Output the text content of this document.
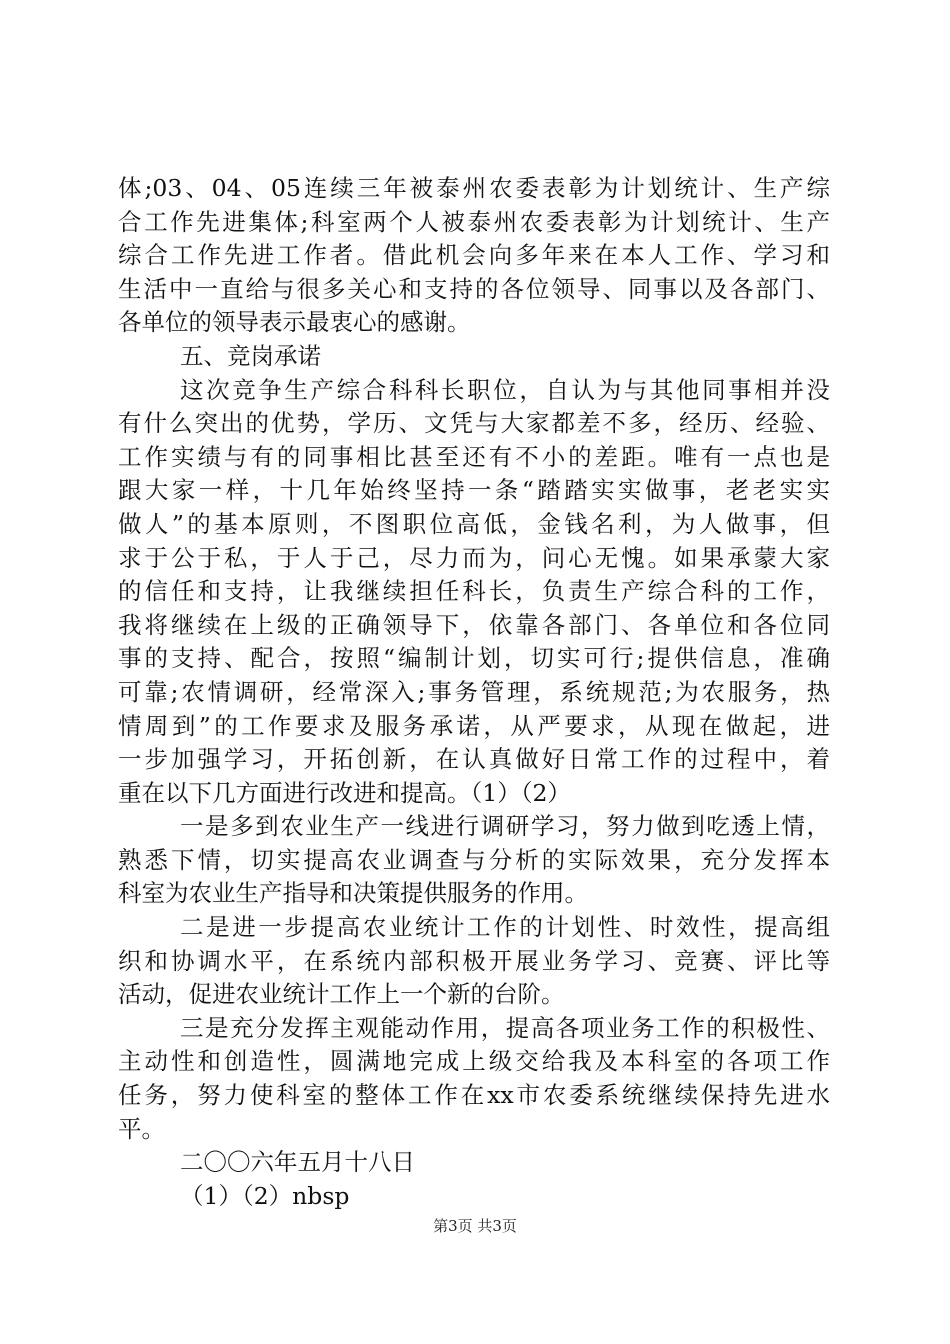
体;03、04、05连续三年被泰州农委表彰为计划统计、生产综
合工作先进集体;科室两个人被泰州农委表彰为计划统计、生产
综合工作先进工作者。借此机会向多年来在本人工作、学习和
生活中一直给与很多关心和支持的各位领导、同事以及各部门、
各单位的领导表示最衷心的感谢。
五、竞岗承诺
这次竞争生产综合科科长职位，自认为与其他同事相并没
有什么突出的优势，学历、文凭与大家都差不多，经历、经验、
工作实绩与有的同事相比甚至还有不小的差距。唯有一点也是
跟大家一样，十几年始终坚持一条“踏踏实实做事，老老实实
做人”的基本原则，不图职位高低，金钱名利，为人做事，但
求于公于私，于人于己，尽力而为，问心无愧。如果承蒙大家
的信任和支持，让我继续担任科长，负责生产综合科的工作，
我将继续在上级的正确领导下，依靠各部门、各单位和各位同
事的支持、配合，按照“编制计划，切实可行;提供信息，准确
可靠;农情调研，经常深入;事务管理，系统规范;为农服务，热
情周到”的工作要求及服务承诺，从严要求，从现在做起，进
一步加强学习，开拓创新，在认真做好日常工作的过程中，着
重在以下几方面进行改进和提高。（1）（2）
一是多到农业生产一线进行调研学习，努力做到吃透上情，
熟悉下情，切实提高农业调查与分析的实际效果，充分发挥本
科室为农业生产指导和决策提供服务的作用。
二是进一步提高农业统计工作的计划性、时效性，提高组
织和协调水平，在系统内部积极开展业务学习、竞赛、评比等
活动，促进农业统计工作上一个新的台阶。
三是充分发挥主观能动作用，提高各项业务工作的积极性、
主动性和创造性，圆满地完成上级交给我及本科室的各项工作
任务，努力使科室的整体工作在xx市农委系统继续保持先进水
平。
二〇〇六年五月十八日
（1）（2）nbsp
第3页 共3页
